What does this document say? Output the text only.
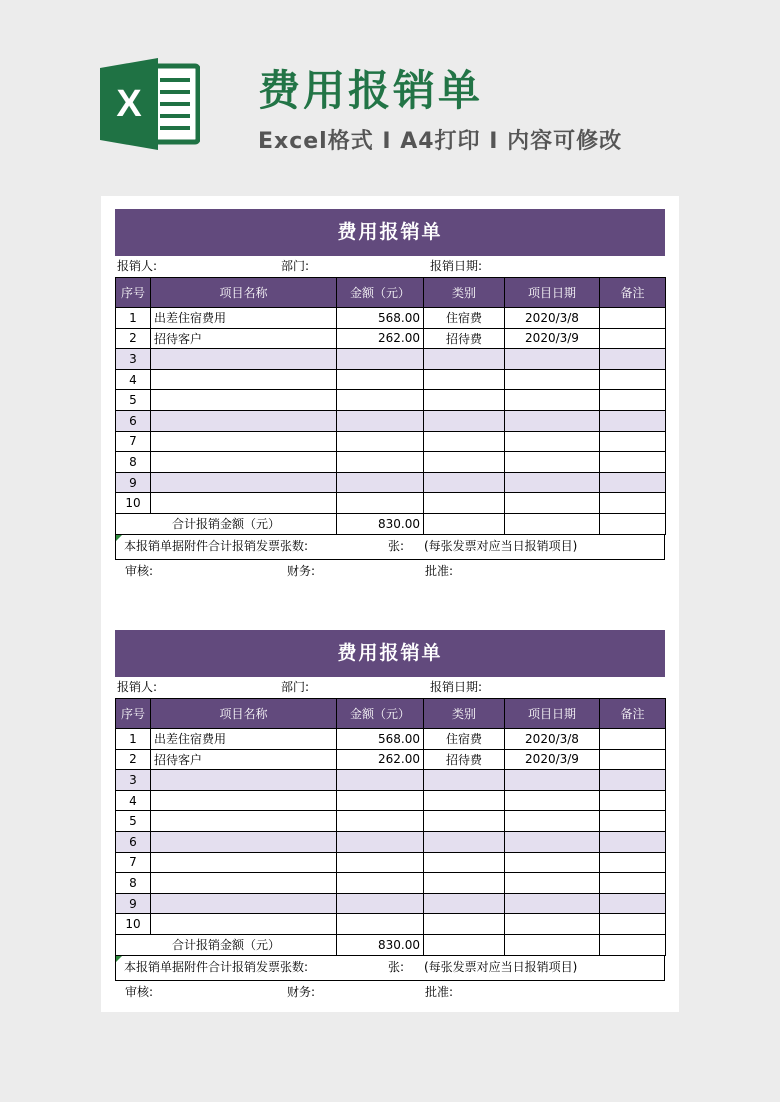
X	费用报销单
Excel格式 I A4打印 I 内容可修改
费用报销单
报销人:	部门:	报销日期:
序号	项目名称	金额（元）	类别	项目日期	备注
1	出差住宿费用	568.00	住宿费	2020/3/8	
2	招待客户	262.00	招待费	2020/3/9	
3					
4					
5					
6					
7					
8					
9					
10					
合计报销金额（元）		830.00			
本报销单据附件合计报销发票张数:	张: (每张发票对应当日报销项目)
审核:	财务:	批准:
费用报销单
报销人:	部门:	报销日期:
序号	项目名称	金额（元）	类别	项目日期	备注
1	出差住宿费用	568.00	住宿费	2020/3/8	
2	招待客户	262.00	招待费	2020/3/9	
3					
4					
5					
6					
7					
8					
9					
10					
合计报销金额（元）		830.00			
本报销单据附件合计报销发票张数:	张: (每张发票对应当日报销项目)
审核:	财务:	批准:
